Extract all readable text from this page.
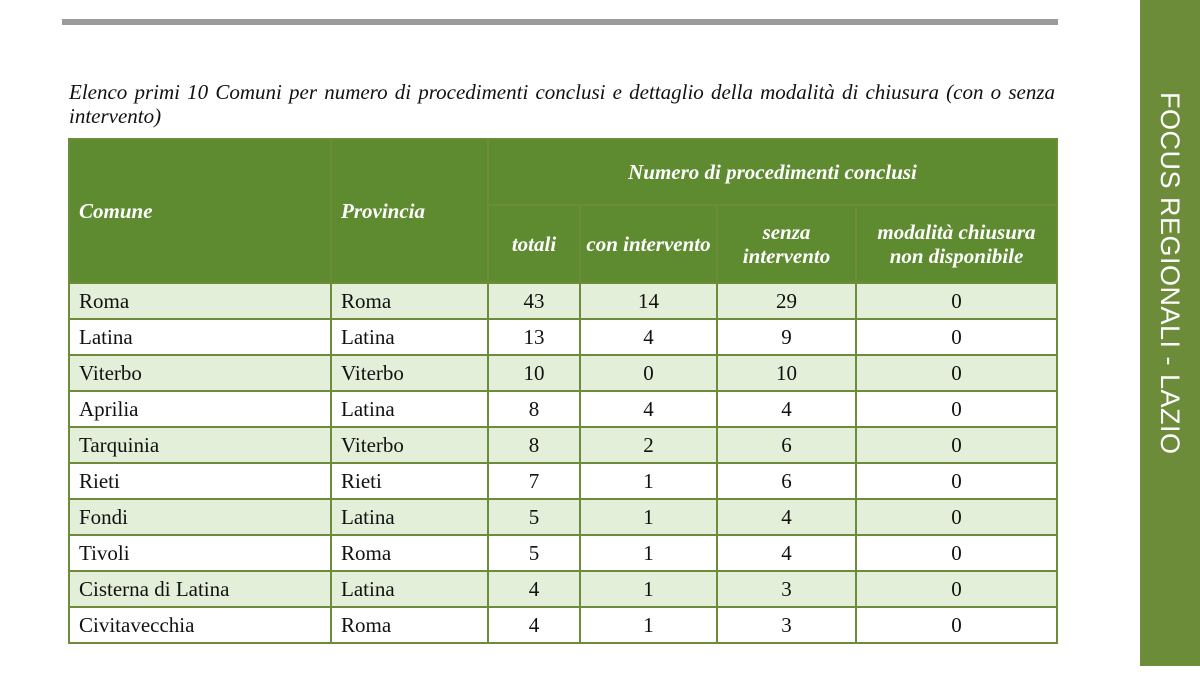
FOCUS REGIONALI - LAZIO
Elenco primi 10 Comuni per numero di procedimenti conclusi e dettaglio della modalità di chiusura (con o senza intervento)
Comune	Provincia	Numero di procedimenti conclusi			
		totali	con intervento	senza intervento	modalità chiusura non disponibile
Roma	Roma	43	14	29	0
Latina	Latina	13	4	9	0
Viterbo	Viterbo	10	0	10	0
Aprilia	Latina	8	4	4	0
Tarquinia	Viterbo	8	2	6	0
Rieti	Rieti	7	1	6	0
Fondi	Latina	5	1	4	0
Tivoli	Roma	5	1	4	0
Cisterna di Latina	Latina	4	1	3	0
Civitavecchia	Roma	4	1	3	0
